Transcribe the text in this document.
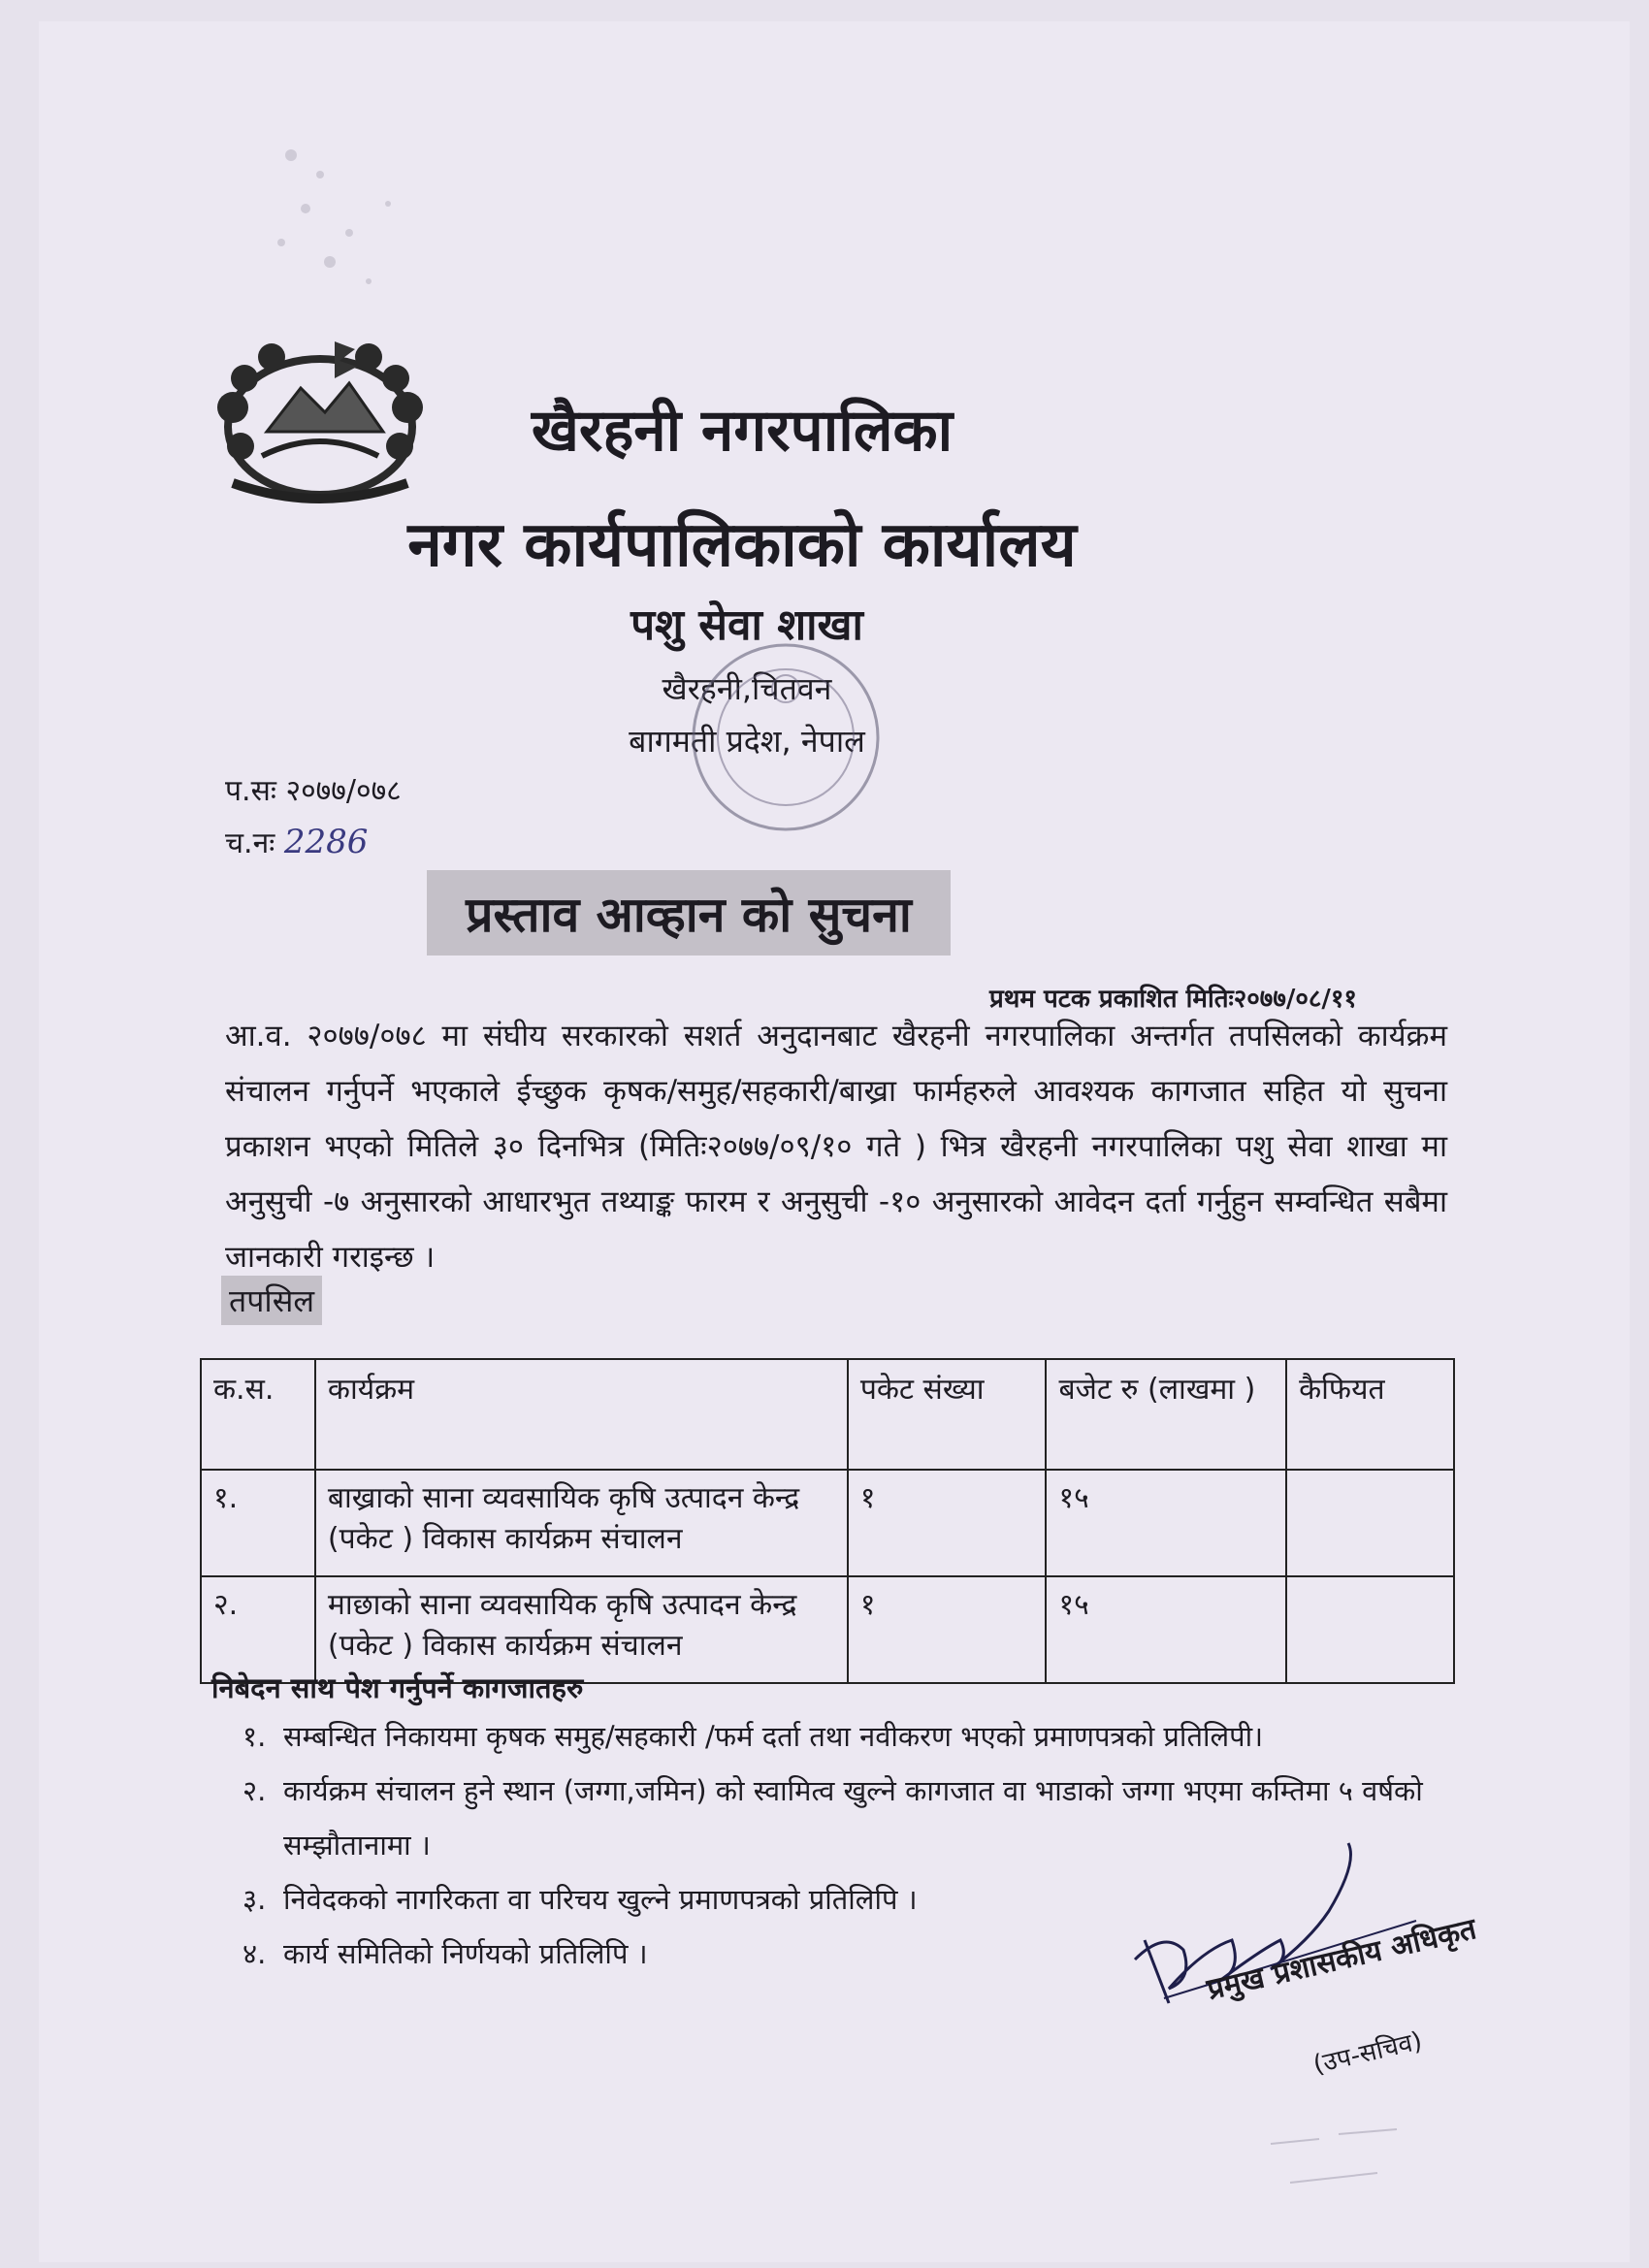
खैरहनी नगरपालिका
नगर कार्यपालिकाको कार्यालय
पशु सेवा शाखा
खैरहनी,चितवन
बागमती प्रदेश, नेपाल
प.सः २०७७/०७८
च.नः 2286
प्रस्ताव आव्हान को सुचना
प्रथम पटक प्रकाशित मितिः२०७७/०८/११
आ.व. २०७७/०७८ मा संघीय सरकारको सशर्त अनुदानबाट खैरहनी नगरपालिका अन्तर्गत तपसिलको कार्यक्रम संचालन गर्नुपर्ने भएकाले ईच्छुक कृषक/समुह/सहकारी/बाख्रा फार्महरुले आवश्यक कागजात सहित यो सुचना प्रकाशन भएको मितिले ३० दिनभित्र (मितिः२०७७/०९/१० गते ) भित्र खैरहनी नगरपालिका पशु सेवा शाखा मा अनुसुची -७ अनुसारको आधारभुत तथ्याङ्क फारम र अनुसुची -१० अनुसारको आवेदन दर्ता गर्नुहुन सम्वन्धित सबैमा जानकारी गराइन्छ ।
तपसिल
क.स.	कार्यक्रम	पकेट संख्या	बजेट रु (लाखमा )	कैफियत
१.	बाख्राको साना व्यवसायिक कृषि उत्पादन केन्द्र (पकेट ) विकास कार्यक्रम संचालन	१	१५	
२.	माछाको साना व्यवसायिक कृषि उत्पादन केन्द्र (पकेट ) विकास कार्यक्रम संचालन	१	१५	
निबेदन साथ पेश गर्नुपर्ने कागजातहरु
१. सम्बन्धित निकायमा कृषक समुह/सहकारी /फर्म दर्ता तथा नवीकरण भएको प्रमाणपत्रको प्रतिलिपी।
२. कार्यक्रम संचालन हुने स्थान (जग्गा,जमिन) को स्वामित्व खुल्ने कागजात वा भाडाको जग्गा भएमा कम्तिमा ५ वर्षको सम्झौतानामा ।
३. निवेदकको नागरिकता वा परिचय खुल्ने प्रमाणपत्रको प्रतिलिपि ।
४. कार्य समितिको निर्णयको प्रतिलिपि ।	प्रमुख प्रशासकीय अधिकृत
(उप-सचिव)
